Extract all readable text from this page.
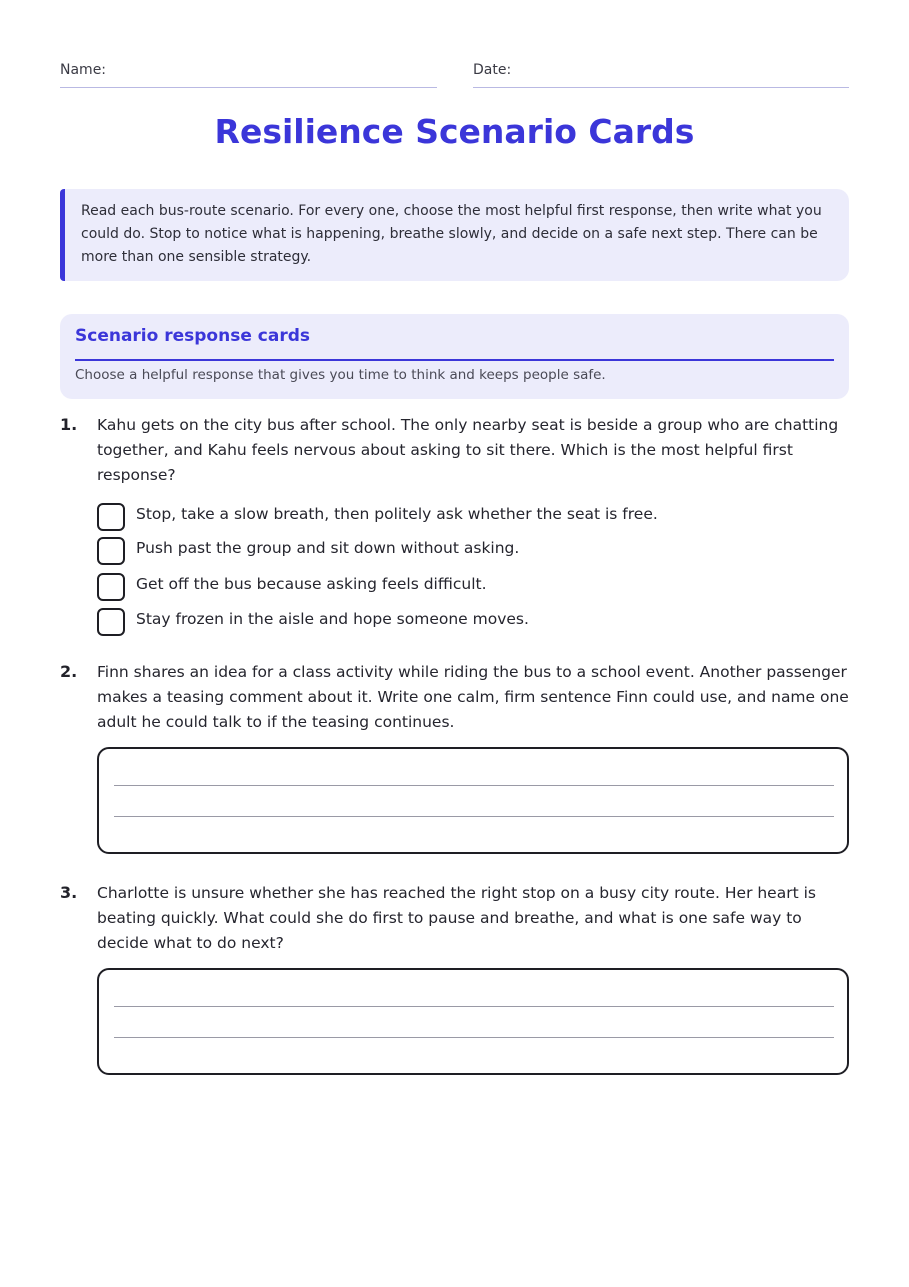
Name:	Date:
Resilience Scenario Cards
Read each bus-route scenario. For every one, choose the most helpful first response, then write what you could do. Stop to notice what is happening, breathe slowly, and decide on a safe next step. There can be more than one sensible strategy.
Scenario response cards
Choose a helpful response that gives you time to think and keeps people safe.
1. Kahu gets on the city bus after school. The only nearby seat is beside a group who are chatting together, and Kahu feels nervous about asking to sit there. Which is the most helpful first response?
Stop, take a slow breath, then politely ask whether the seat is free.
Push past the group and sit down without asking.
Get off the bus because asking feels difficult.
Stay frozen in the aisle and hope someone moves.
2. Finn shares an idea for a class activity while riding the bus to a school event. Another passenger makes a teasing comment about it. Write one calm, firm sentence Finn could use, and name one adult he could talk to if the teasing continues.
3. Charlotte is unsure whether she has reached the right stop on a busy city route. Her heart is beating quickly. What could she do first to pause and breathe, and what is one safe way to decide what to do next?
